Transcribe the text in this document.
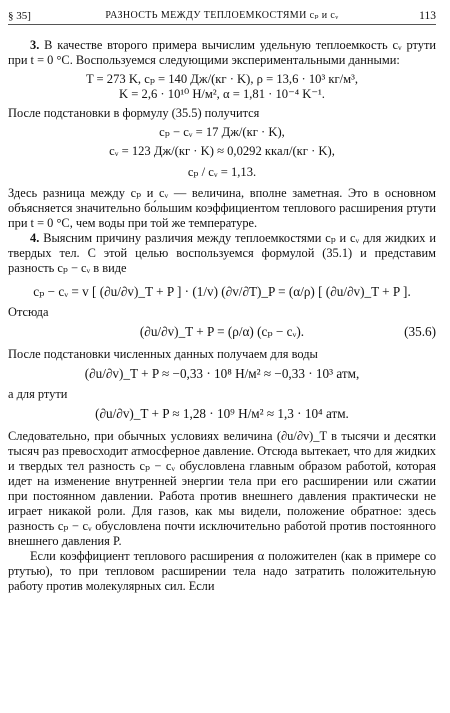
§ 35]	РАЗНОСТЬ МЕЖДУ ТЕПЛОЕМКОСТЯМИ cₚ и cᵥ	113

3. В качестве второго примера вычислим удельную теплоемкость cᵥ ртути при t = 0 °C. Воспользуемся следующими экспериментальными данными:

T = 273 K, cₚ = 140 Дж/(кг · K), ρ = 13,6 · 10³ кг/м³,

K = 2,6 · 10¹⁰ Н/м², α = 1,81 · 10⁻⁴ K⁻¹.

После подстановки в формулу (35.5) получится

cₚ − cᵥ = 17 Дж/(кг · K),

cᵥ = 123 Дж/(кг · K) ≈ 0,0292 ккал/(кг · K),

cₚ / cᵥ = 1,13.

Здесь разница между cₚ и cᵥ — величина, вполне заметная. Это в основном объясняется значительно бо́льшим коэффициентом теплового расширения ртути при t = 0 °C, чем воды при той же температуре.

4. Выясним причину различия между теплоемкостями cₚ и cᵥ для жидких и твердых тел. С этой целью воспользуемся формулой (35.1) и представим разность cₚ − cᵥ в виде

cₚ − cᵥ = v [ (∂u/∂v)_T + P ] · (1/v) (∂v/∂T)_P = (α/ρ) [ (∂u/∂v)_T + P ].

Отсюда

(∂u/∂v)_T + P = (ρ/α) (cₚ − cᵥ).	(35.6)

После подстановки численных данных получаем для воды

(∂u/∂v)_T + P ≈ −0,33 · 10⁸ Н/м² ≈ −0,33 · 10³ атм,

а для ртути

(∂u/∂v)_T + P ≈ 1,28 · 10⁹ Н/м² ≈ 1,3 · 10⁴ атм.

Следовательно, при обычных условиях величина (∂u/∂v)_T в тысячи и десятки тысяч раз превосходит атмосферное давление. Отсюда вытекает, что для жидких и твердых тел разность cₚ − cᵥ обусловлена главным образом работой, которая идет на изменение внутренней энергии тела при его расширении или сжатии при постоянном давлении. Работа против внешнего давления практически не играет никакой роли. Для газов, как мы видели, положение обратное: здесь разность cₚ − cᵥ обусловлена почти исключительно работой против постоянного внешнего давления P.

Если коэффициент теплового расширения α положителен (как в примере со ртутью), то при тепловом расширении тела надо затратить положительную работу против молекулярных сил. Если
